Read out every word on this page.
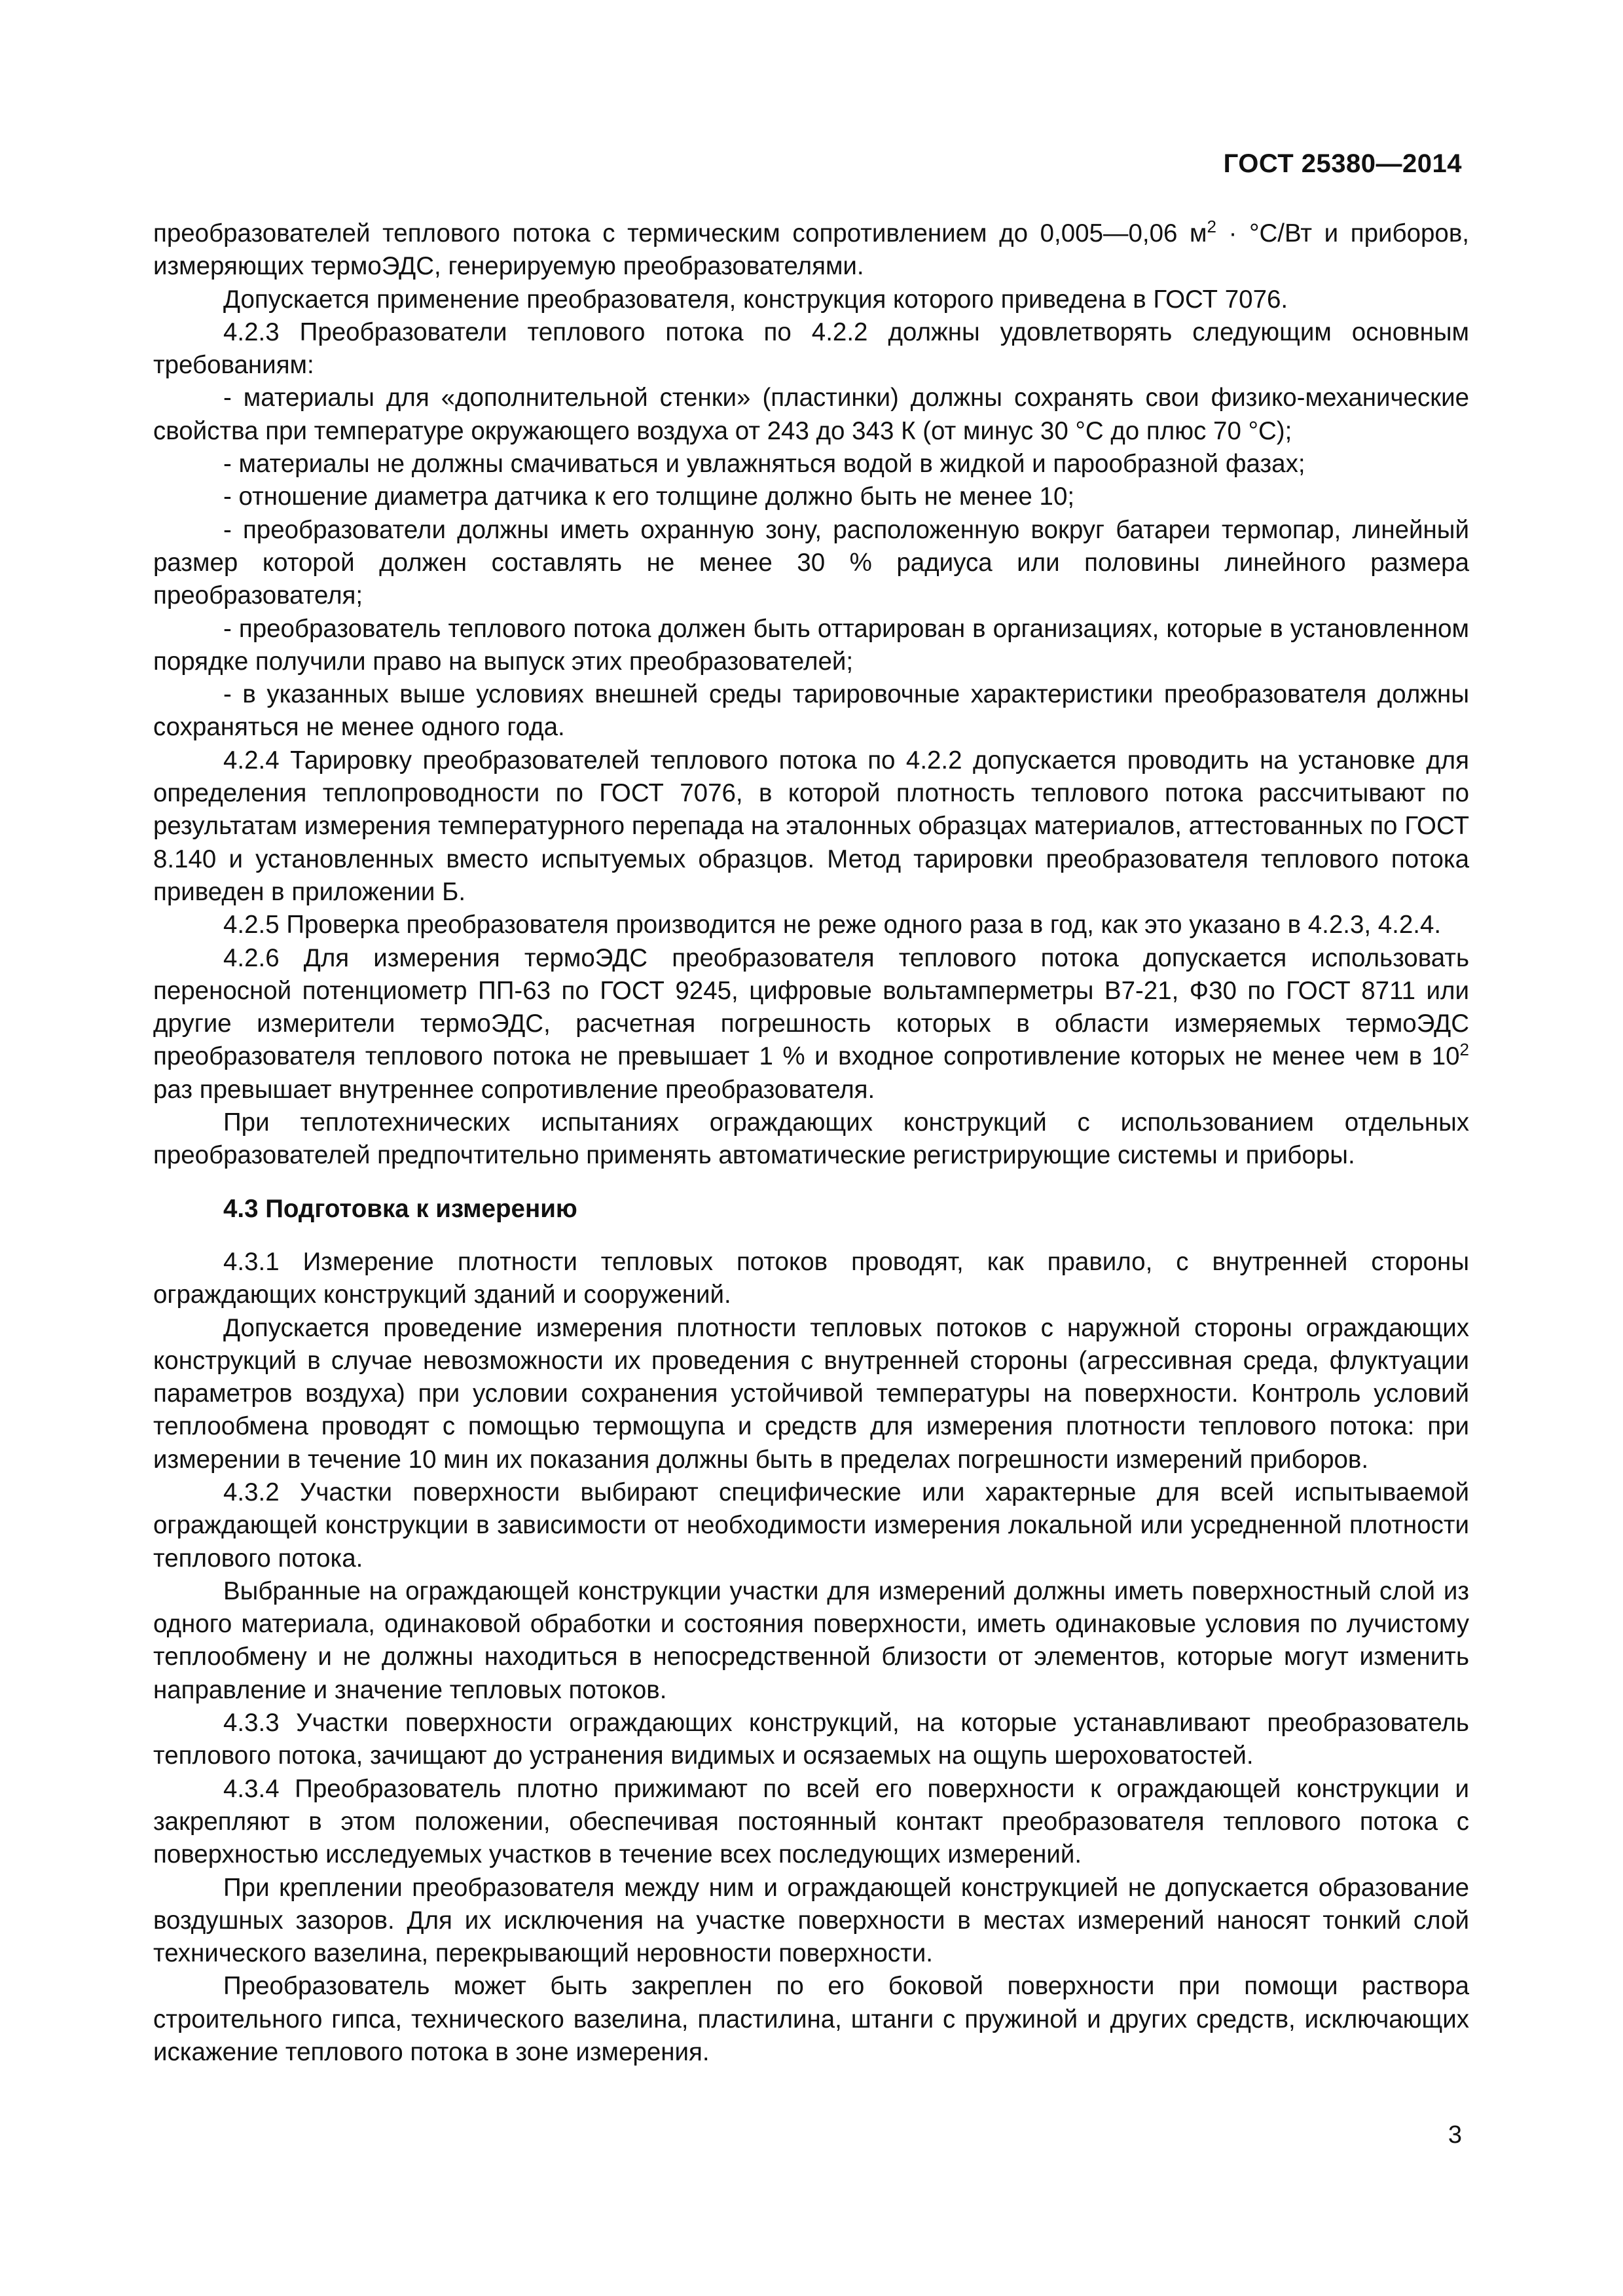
ГОСТ 25380—2014

преобразователей теплового потока с термическим сопротивлением до 0,005—0,06 $м^2 \cdot ^\circ С/Вт$ и приборов, измеряющих термоЭДС, генерируемую преобразователями.

Допускается применение преобразователя, конструкция которого приведена в ГОСТ 7076.

4.2.3 Преобразователи теплового потока по 4.2.2 должны удовлетворять следующим основным требованиям:

- материалы для «дополнительной стенки» (пластинки) должны сохранять свои физико-механические свойства при температуре окружающего воздуха от 243 до 343 К (от минус 30 °С до плюс 70 °С);

- материалы не должны смачиваться и увлажняться водой в жидкой и парообразной фазах;

- отношение диаметра датчика к его толщине должно быть не менее 10;

- преобразователи должны иметь охранную зону, расположенную вокруг батареи термопар, линейный размер которой должен составлять не менее 30 % радиуса или половины линейного размера преобразователя;

- преобразователь теплового потока должен быть оттарирован в организациях, которые в установленном порядке получили право на выпуск этих преобразователей;

- в указанных выше условиях внешней среды тарировочные характеристики преобразователя должны сохраняться не менее одного года.

4.2.4 Тарировку преобразователей теплового потока по 4.2.2 допускается проводить на установке для определения теплопроводности по ГОСТ 7076, в которой плотность теплового потока рассчитывают по результатам измерения температурного перепада на эталонных образцах материалов, аттестованных по ГОСТ 8.140 и установленных вместо испытуемых образцов. Метод тарировки преобразователя теплового потока приведен в приложении Б.

4.2.5 Проверка преобразователя производится не реже одного раза в год, как это указано в 4.2.3, 4.2.4.

4.2.6 Для измерения термоЭДС преобразователя теплового потока допускается использовать переносной потенциометр ПП-63 по ГОСТ 9245, цифровые вольтамперметры В7-21, Ф30 по ГОСТ 8711 или другие измерители термоЭДС, расчетная погрешность которых в области измеряемых термоЭДС преобразователя теплового потока не превышает 1 % и входное сопротивление которых не менее чем в $10^2$ раз превышает внутреннее сопротивление преобразователя.

При теплотехнических испытаниях ограждающих конструкций с использованием отдельных преобразователей предпочтительно применять автоматические регистрирующие системы и приборы.

4.3 Подготовка к измерению

4.3.1 Измерение плотности тепловых потоков проводят, как правило, с внутренней стороны ограждающих конструкций зданий и сооружений.

Допускается проведение измерения плотности тепловых потоков с наружной стороны ограждающих конструкций в случае невозможности их проведения с внутренней стороны (агрессивная среда, флуктуации параметров воздуха) при условии сохранения устойчивой температуры на поверхности. Контроль условий теплообмена проводят с помощью термощупа и средств для измерения плотности теплового потока: при измерении в течение 10 мин их показания должны быть в пределах погрешности измерений приборов.

4.3.2 Участки поверхности выбирают специфические или характерные для всей испытываемой ограждающей конструкции в зависимости от необходимости измерения локальной или усредненной плотности теплового потока.

Выбранные на ограждающей конструкции участки для измерений должны иметь поверхностный слой из одного материала, одинаковой обработки и состояния поверхности, иметь одинаковые условия по лучистому теплообмену и не должны находиться в непосредственной близости от элементов, которые могут изменить направление и значение тепловых потоков.

4.3.3 Участки поверхности ограждающих конструкций, на которые устанавливают преобразователь теплового потока, зачищают до устранения видимых и осязаемых на ощупь шероховатостей.

4.3.4 Преобразователь плотно прижимают по всей его поверхности к ограждающей конструкции и закрепляют в этом положении, обеспечивая постоянный контакт преобразователя теплового потока с поверхностью исследуемых участков в течение всех последующих измерений.

При креплении преобразователя между ним и ограждающей конструкцией не допускается образование воздушных зазоров. Для их исключения на участке поверхности в местах измерений наносят тонкий слой технического вазелина, перекрывающий неровности поверхности.

Преобразователь может быть закреплен по его боковой поверхности при помощи раствора строительного гипса, технического вазелина, пластилина, штанги с пружиной и других средств, исключающих искажение теплового потока в зоне измерения.

3
